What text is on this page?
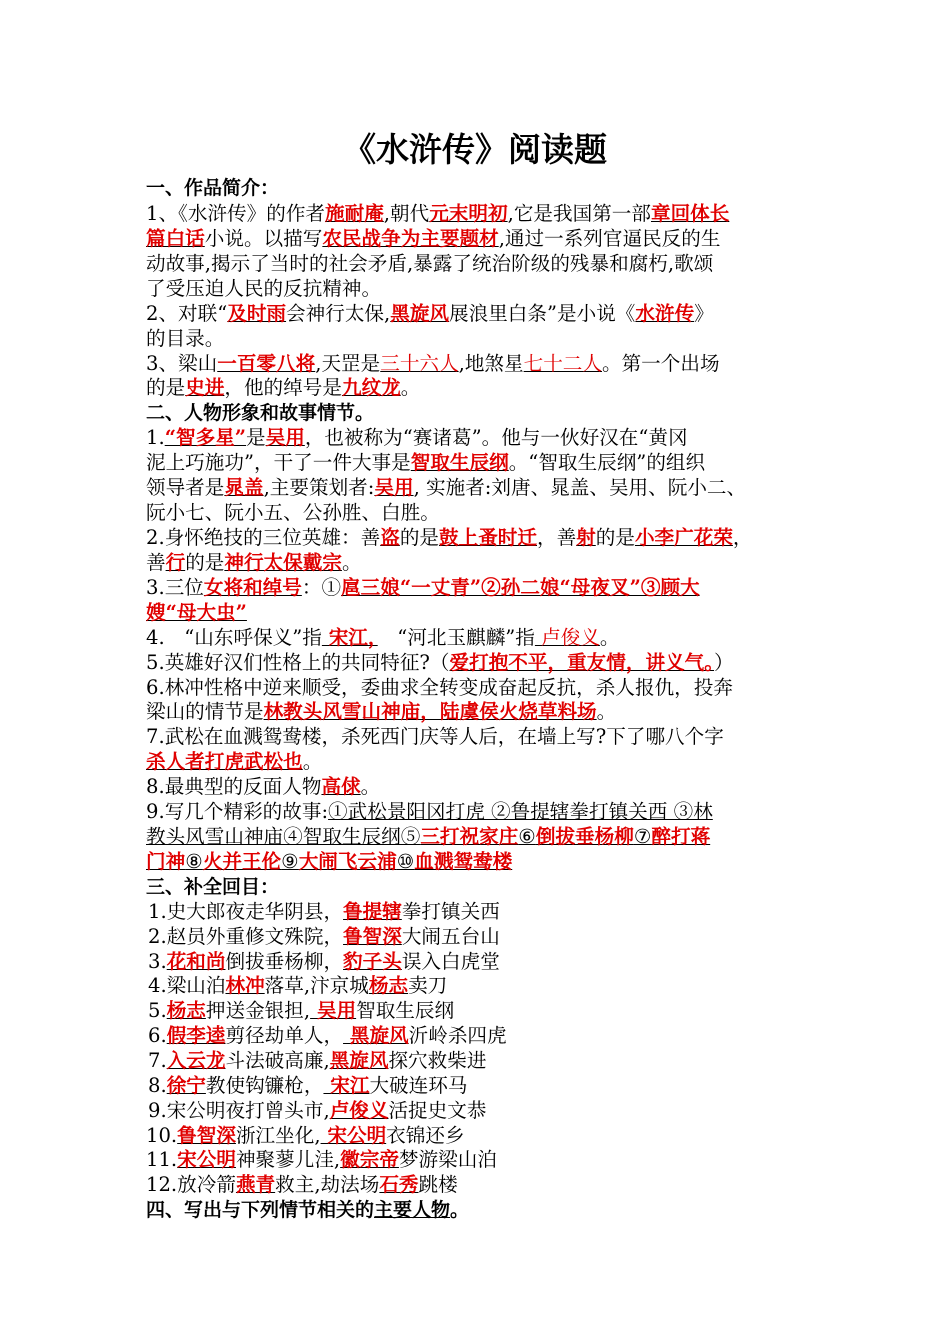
《水浒传》阅读题
一、作品简介：
1、《水浒传》的作者施耐庵,朝代元末明初,它是我国第一部章回体长
篇白话小说。以描写农民战争为主要题材,通过一系列官逼民反的生
动故事,揭示了当时的社会矛盾,暴露了统治阶级的残暴和腐朽,歌颂
了受压迫人民的反抗精神。
2、对联“及时雨会神行太保,黑旋风展浪里白条”是小说《水浒传》
的目录。
3、梁山一百零八将,天罡是三十六人,地煞星七十二人。第一个出场
的是史进，他的绰号是九纹龙。
二、人物形象和故事情节。
1.“智多星”是吴用，也被称为“赛诸葛”。他与一伙好汉在“黄冈
泥上巧施功”，干了一件大事是智取生辰纲。“智取生辰纲”的组织
领导者是晁盖,主要策划者:吴用, 实施者:刘唐、晁盖、吴用、阮小二、
阮小七、阮小五、公孙胜、白胜。
2.身怀绝技的三位英雄：善盗的是鼓上蚤时迁，善射的是小李广花荣，
善行的是神行太保戴宗。
3.三位女将和绰号：①扈三娘“一丈青”②孙二娘“母夜叉”③顾大
嫂“母大虫”
4.　“山东呼保义”指 宋江，　“河北玉麒麟”指 卢俊义。
5.英雄好汉们性格上的共同特征?（爱打抱不平，重友情，讲义气。）
6.林冲性格中逆来顺受，委曲求全转变成奋起反抗，杀人报仇，投奔
梁山的情节是林教头风雪山神庙，陆虞侯火烧草料场。
7.武松在血溅鸳鸯楼，杀死西门庆等人后，在墙上写?下了哪八个字
杀人者打虎武松也。
8.最典型的反面人物高俅。
9.写几个精彩的故事:①武松景阳冈打虎 ②鲁提辖拳打镇关西 ③林
教头风雪山神庙④智取生辰纲⑤三打祝家庄⑥倒拔垂杨柳⑦醉打蒋
门神⑧火并王伦⑨大闹飞云浦⑩血溅鸳鸯楼
三、补全回目：
1.史大郎夜走华阴县，鲁提辖拳打镇关西
2.赵员外重修文殊院，鲁智深大闹五台山
3.花和尚倒拔垂杨柳，豹子头误入白虎堂
4.梁山泊林冲落草,汴京城杨志卖刀
5.杨志押送金银担, 吴用智取生辰纲
6.假李逵剪径劫单人， 黑旋风沂岭杀四虎
7.入云龙斗法破高廉,黑旋风探穴救柴进
8.徐宁教使钩镰枪， 宋江大破连环马
9.宋公明夜打曾头市,卢俊义活捉史文恭
10.鲁智深浙江坐化, 宋公明衣锦还乡
11.宋公明神聚蓼儿洼,徽宗帝梦游梁山泊
12.放冷箭燕青救主,劫法场石秀跳楼
四、写出与下列情节相关的主要人物。
